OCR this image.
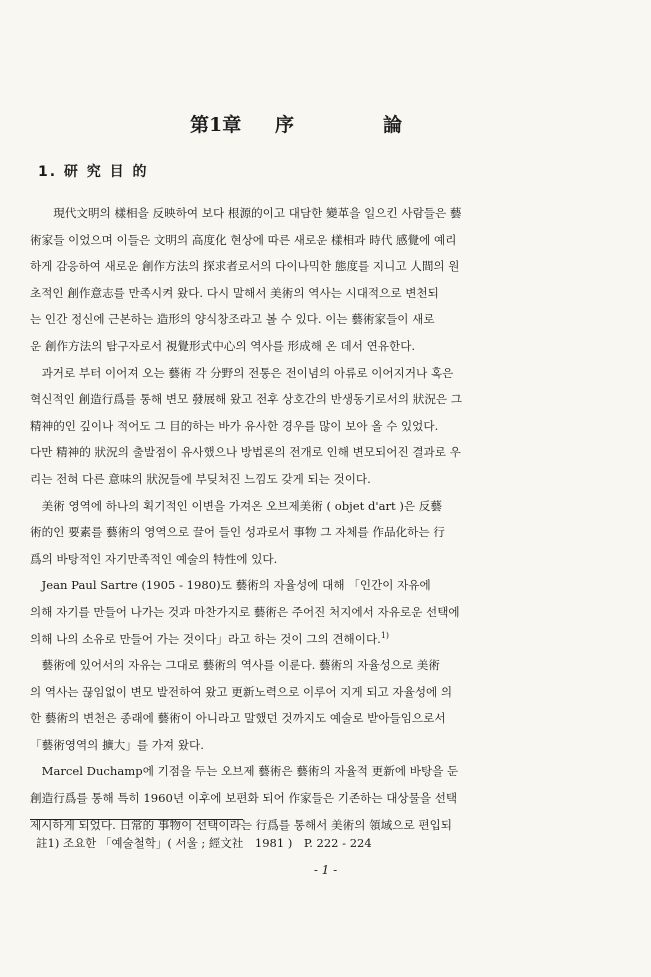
第1章 序	論
1. 研 究 目 的

　　現代文明의 樣相을 反映하여 보다 根源的이고 대담한 變革을 일으킨 사람들은 藝

術家들 이었으며 이들은 文明의 高度化 현상에 따른 새로운 樣相과 時代 感覺에 예리

하게 감응하여 새로운 創作方法의 探求者로서의 다이나믹한 態度를 지니고 人間의 원

초적인 創作意志를 만족시켜 왔다. 다시 말해서 美術의 역사는 시대적으로 변천되

는 인간 정신에 근본하는 造形의 양식창조라고 볼 수 있다. 이는 藝術家들이 새로

운 創作方法의 탐구자로서 視覺形式中心의 역사를 形成해 온 데서 연유한다.

　과거로 부터 이어져 오는 藝術 각 分野의 전통은 전이념의 아류로 이어지거나 혹은

혁신적인 創造行爲를 통해 변모 發展해 왔고 전후 상호간의 반생동기로서의 狀況은 그

精神的인 깊이나 적어도 그 目的하는 바가 유사한 경우를 많이 보아 올 수 있었다.

다만 精神的 狀況의 출발점이 유사했으나 방법론의 전개로 인해 변모되어진 결과로 우

리는 전혀 다른 意味의 狀況들에 부딪쳐진 느낌도 갖게 되는 것이다.

　美術 영역에 하나의 획기적인 이변을 가져온 오브제美術 ( objet d'art )은 反藝

術的인 要素를 藝術의 영역으로 끌어 들인 성과로서 事物 그 자체를 作品化하는 行

爲의 바탕적인 자기만족적인 예술의 特性에 있다.

　Jean Paul Sartre (1905 - 1980)도 藝術의 자율성에 대해 「인간이 자유에

의해 자기를 만들어 나가는 것과 마찬가지로 藝術은 주어진 처지에서 자유로운 선택에

의해 나의 소유로 만들어 가는 것이다」라고 하는 것이 그의 견해이다.$^{1)}$

　藝術에 있어서의 자유는 그대로 藝術의 역사를 이룬다. 藝術의 자율성으로 美術

의 역사는 끊임없이 변모 발전하여 왔고 更新노력으로 이루어 지게 되고 자율성에 의

한 藝術의 변천은 종래에 藝術이 아니라고 말했던 것까지도 예술로 받아들임으로서

「藝術영역의 擴大」를 가져 왔다.

　Marcel Duchamp에 기점을 두는 오브제 藝術은 藝術의 자율적 更新에 바탕을 둔

創造行爲를 통해 특히 1960년 이후에 보편화 되어 作家들은 기존하는 대상물을 선택

제시하게 되었다. 日常的 事物이 선택이라는 行爲를 통해서 美術의 領域으로 편입되

註1) 조요한 「예술철학」( 서울 ; 經文社　1981 )　P. 222 - 224
- 1 -
